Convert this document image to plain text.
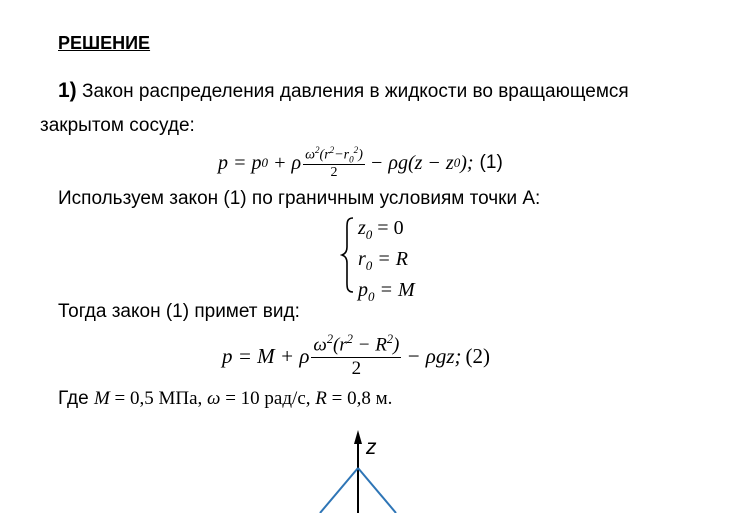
РЕШЕНИЕ
1) Закон распределения давления в жидкости во вращающемся
закрытом сосуде:
p = p 0 + ρ $\frac{\omega^2(r^2-r_0^2)}{2} - \rho g(z - z$ 0 ); (1)
Используем закон (1) по граничным условиям точки А:
$z_0 = 0$
$r_0 = R$
$p_0 = M$
Тогда закон (1) примет вид:
p = M + ρ $\frac{\omega^2(r^2 - R^2)}{2} - \rho gz$; (2)
Где M = 0,5 МПа, ω = 10 рад/с, R = 0,8 м.
z
